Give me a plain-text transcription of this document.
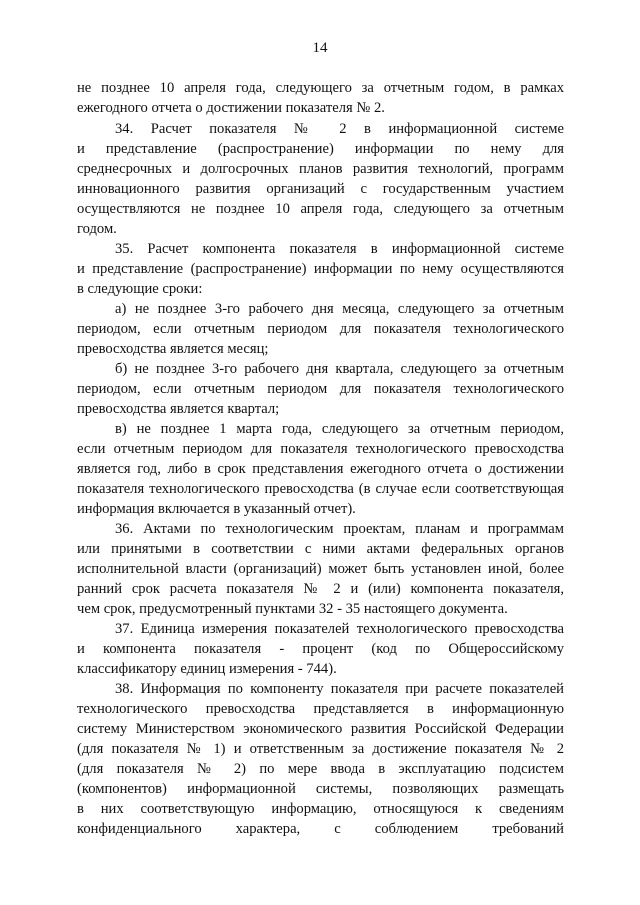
14
не позднее 10 апреля года, следующего за отчетным годом, в рамках
ежегодного отчета о достижении показателя № 2.
34. Расчет показателя № 2 в информационной системе
и представление (распространение) информации по нему для
среднесрочных и долгосрочных планов развития технологий, программ
инновационного развития организаций с государственным участием
осуществляются не позднее 10 апреля года, следующего за отчетным
годом.
35. Расчет компонента показателя в информационной системе
и представление (распространение) информации по нему осуществляются
в следующие сроки:
а) не позднее 3-го рабочего дня месяца, следующего за отчетным
периодом, если отчетным периодом для показателя технологического
превосходства является месяц;
б) не позднее 3-го рабочего дня квартала, следующего за отчетным
периодом, если отчетным периодом для показателя технологического
превосходства является квартал;
в) не позднее 1 марта года, следующего за отчетным периодом,
если отчетным периодом для показателя технологического превосходства
является год, либо в срок представления ежегодного отчета о достижении
показателя технологического превосходства (в случае если соответствующая
информация включается в указанный отчет).
36. Актами по технологическим проектам, планам и программам
или принятыми в соответствии с ними актами федеральных органов
исполнительной власти (организаций) может быть установлен иной, более
ранний срок расчета показателя № 2 и (или) компонента показателя,
чем срок, предусмотренный пунктами 32 - 35 настоящего документа.
37. Единица измерения показателей технологического превосходства
и компонента показателя - процент (код по Общероссийскому
классификатору единиц измерения - 744).
38. Информация по компоненту показателя при расчете показателей
технологического превосходства представляется в информационную
систему Министерством экономического развития Российской Федерации
(для показателя № 1) и ответственным за достижение показателя № 2
(для показателя № 2) по мере ввода в эксплуатацию подсистем
(компонентов) информационной системы, позволяющих размещать
в них соответствующую информацию, относящуюся к сведениям
конфиденциального характера, с соблюдением требований
